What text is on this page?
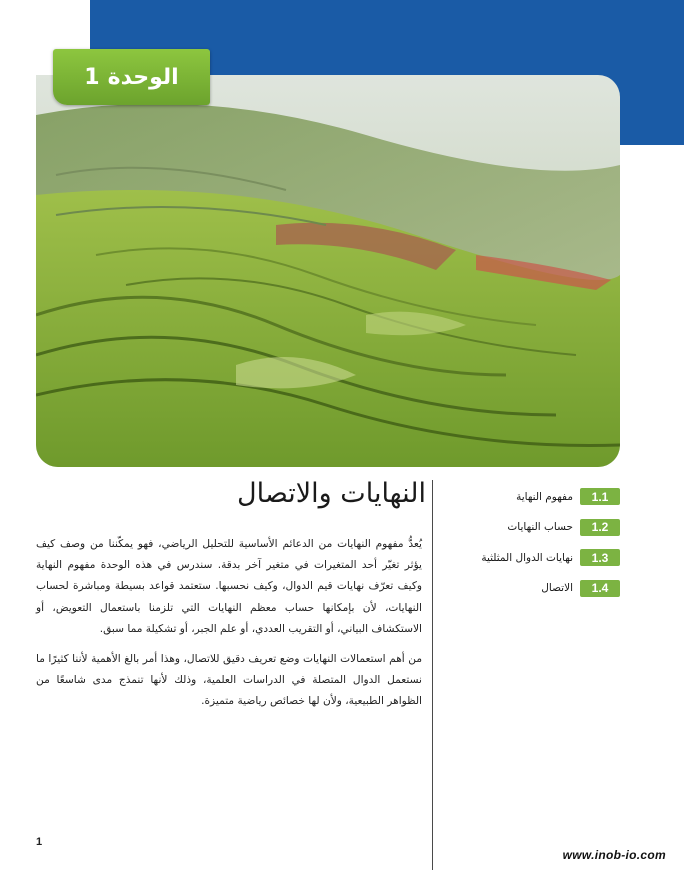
الوحدة
1
النهايات والاتصال

يُعدُّ مفهوم النهايات من الدعائم الأساسية للتحليل الرياضي، فهو يمكّننا من وصف كيف يؤثر تغيّر أحد المتغيرات في متغير آخر بدقة. سندرس في هذه الوحدة مفهوم النهاية وكيف تعرّف نهايات قيم الدوال، وكيف نحسبها. ستعتمد قواعد بسيطة ومباشرة لحساب النهايات، لأن بإمكانها حساب معظم النهايات التي تلزمنا باستعمال التعويض، أو الاستكشاف البياني، أو التقريب العددي، أو علم الجبر، أو تشكيلة مما سبق.

من أهم استعمالات النهايات وضع تعريف دقيق للاتصال، وهذا أمر بالغ الأهمية لأننا كثيرًا ما نستعمل الدوال المتصلة في الدراسات العلمية، وذلك لأنها تنمذج مدى شاسعًا من الظواهر الطبيعية، ولأن لها خصائص رياضية متميزة.

1.1
مفهوم النهاية
1.2
حساب النهايات
1.3
نهايات الدوال المثلثية
1.4
الاتصال
1
www.inob-io.com
